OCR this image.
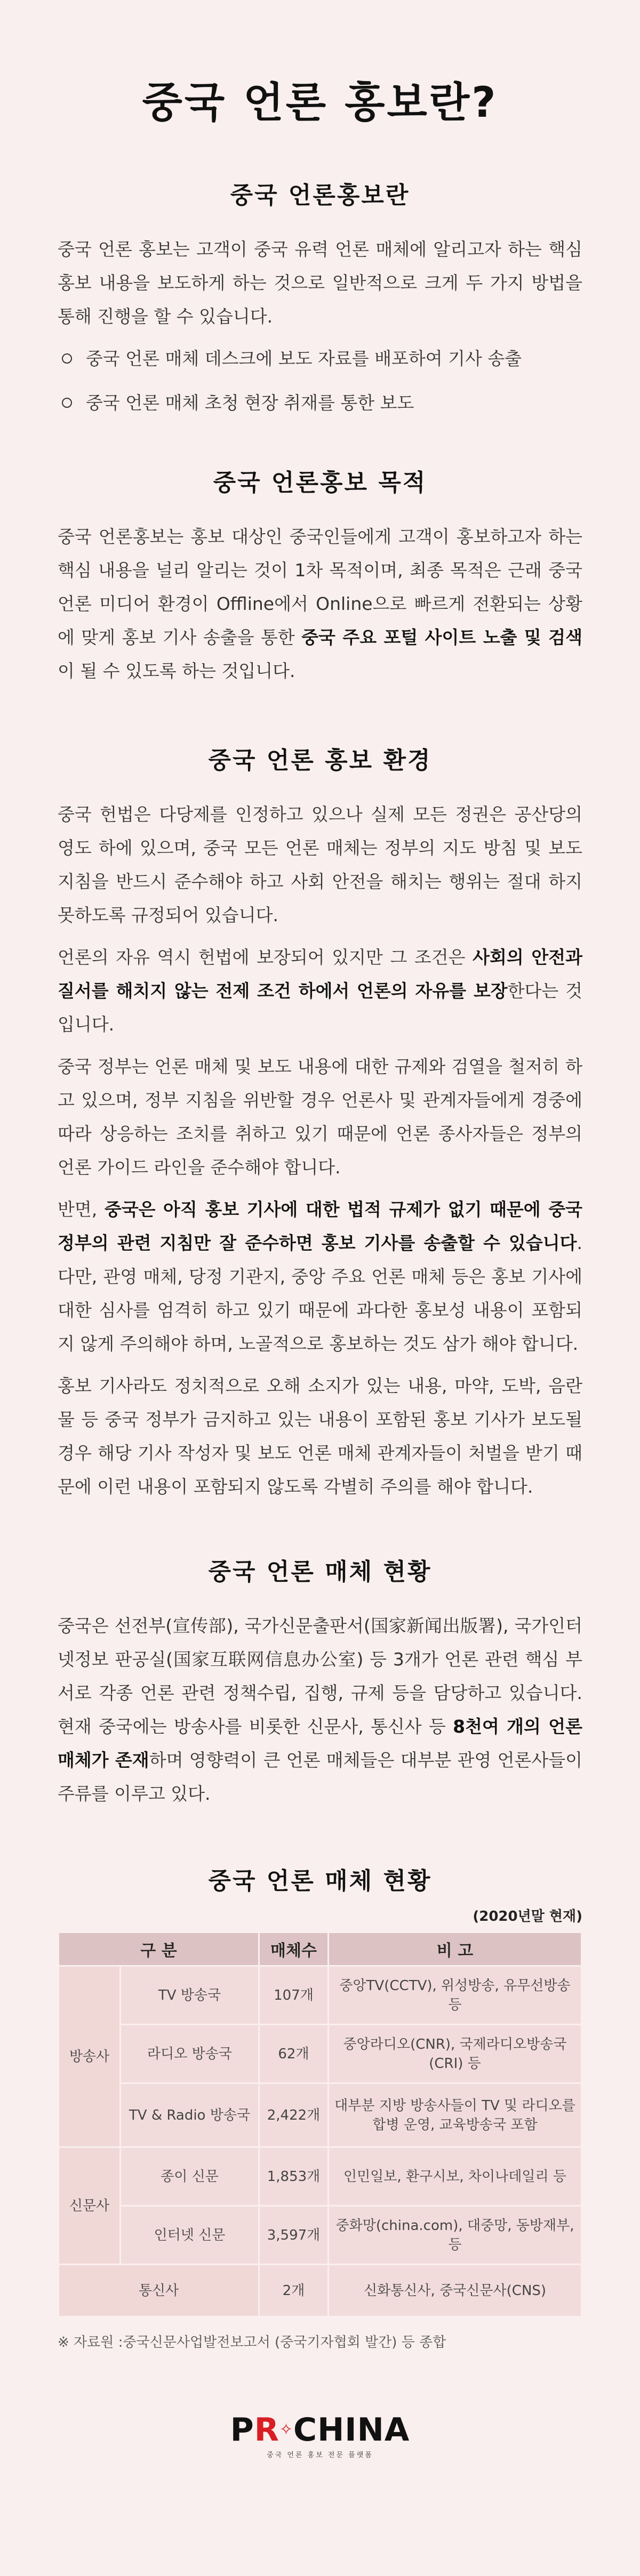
중국 언론 홍보란?
중국 언론홍보란

중국 언론 홍보는 고객이 중국 유력 언론 매체에 알리고자 하는 핵심 홍보 내용을 보도하게 하는 것으로 일반적으로 크게 두 가지 방법을 통해 진행을 할 수 있습니다.

중국 언론 매체 데스크에 보도 자료를 배포하여 기사 송출
중국 언론 매체 초청 현장 취재를 통한 보도
중국 언론홍보 목적

중국 언론홍보는 홍보 대상인 중국인들에게 고객이 홍보하고자 하는 핵심 내용을 널리 알리는 것이 1차 목적이며, 최종 목적은 근래 중국 언론 미디어 환경이 Offline에서 Online으로 빠르게 전환되는 상황에 맞게 홍보 기사 송출을 통한 중국 주요 포털 사이트 노출 및 검색이 될 수 있도록 하는 것입니다.

중국 언론 홍보 환경

중국 헌법은 다당제를 인정하고 있으나 실제 모든 정권은 공산당의 영도 하에 있으며, 중국 모든 언론 매체는 정부의 지도 방침 및 보도 지침을 반드시 준수해야 하고 사회 안전을 해치는 행위는 절대 하지 못하도록 규정되어 있습니다.

언론의 자유 역시 헌법에 보장되어 있지만 그 조건은 사회의 안전과 질서를 해치지 않는 전제 조건 하에서 언론의 자유를 보장한다는 것입니다.

중국 정부는 언론 매체 및 보도 내용에 대한 규제와 검열을 철저히 하고 있으며, 정부 지침을 위반할 경우 언론사 및 관계자들에게 경중에 따라 상응하는 조치를 취하고 있기 때문에 언론 종사자들은 정부의 언론 가이드 라인을 준수해야 합니다.

반면, 중국은 아직 홍보 기사에 대한 법적 규제가 없기 때문에 중국 정부의 관련 지침만 잘 준수하면 홍보 기사를 송출할 수 있습니다. 다만, 관영 매체, 당정 기관지, 중앙 주요 언론 매체 등은 홍보 기사에 대한 심사를 엄격히 하고 있기 때문에 과다한 홍보성 내용이 포함되지 않게 주의해야 하며, 노골적으로 홍보하는 것도 삼가 해야 합니다.

홍보 기사라도 정치적으로 오해 소지가 있는 내용, 마약, 도박, 음란물 등 중국 정부가 금지하고 있는 내용이 포함된 홍보 기사가 보도될 경우 해당 기사 작성자 및 보도 언론 매체 관계자들이 처벌을 받기 때문에 이런 내용이 포함되지 않도록 각별히 주의를 해야 합니다.

중국 언론 매체 현황

중국은 선전부(宣传部), 국가신문출판서(国家新闻出版署), 국가인터넷정보 판공실(国家互联网信息办公室) 등 3개가 언론 관련 핵심 부서로 각종 언론 관련 정책수립, 집행, 규제 등을 담당하고 있습니다. 현재 중국에는 방송사를 비롯한 신문사, 통신사 등 8천여 개의 언론 매체가 존재하며 영향력이 큰 언론 매체들은 대부분 관영 언론사들이 주류를 이루고 있다.

중국 언론 매체 현황
(2020년말 현재)
구 분		매체수	비 고
방송사	TV 방송국	107개	중앙TV(CCTV), 위성방송, 유무선방송 등
	라디오 방송국	62개	중앙라디오(CNR), 국제라디오방송국(CRI) 등
	TV & Radio 방송국	2,422개	대부분 지방 방송사들이 TV 및 라디오를 합병 운영, 교육방송국 포함
신문사	종이 신문	1,853개	인민일보, 환구시보, 차이나데일리 등
	인터넷 신문	3,597개	중화망(china.com), 대중망, 동방재부, 등
통신사		2개	신화통신사, 중국신문사(CNS)
※ 자료원 :중국신문사업발전보고서 (중국기자협회 발간) 등 종합
PR✧CHINA
중국 언론 홍보 전문 플랫폼
